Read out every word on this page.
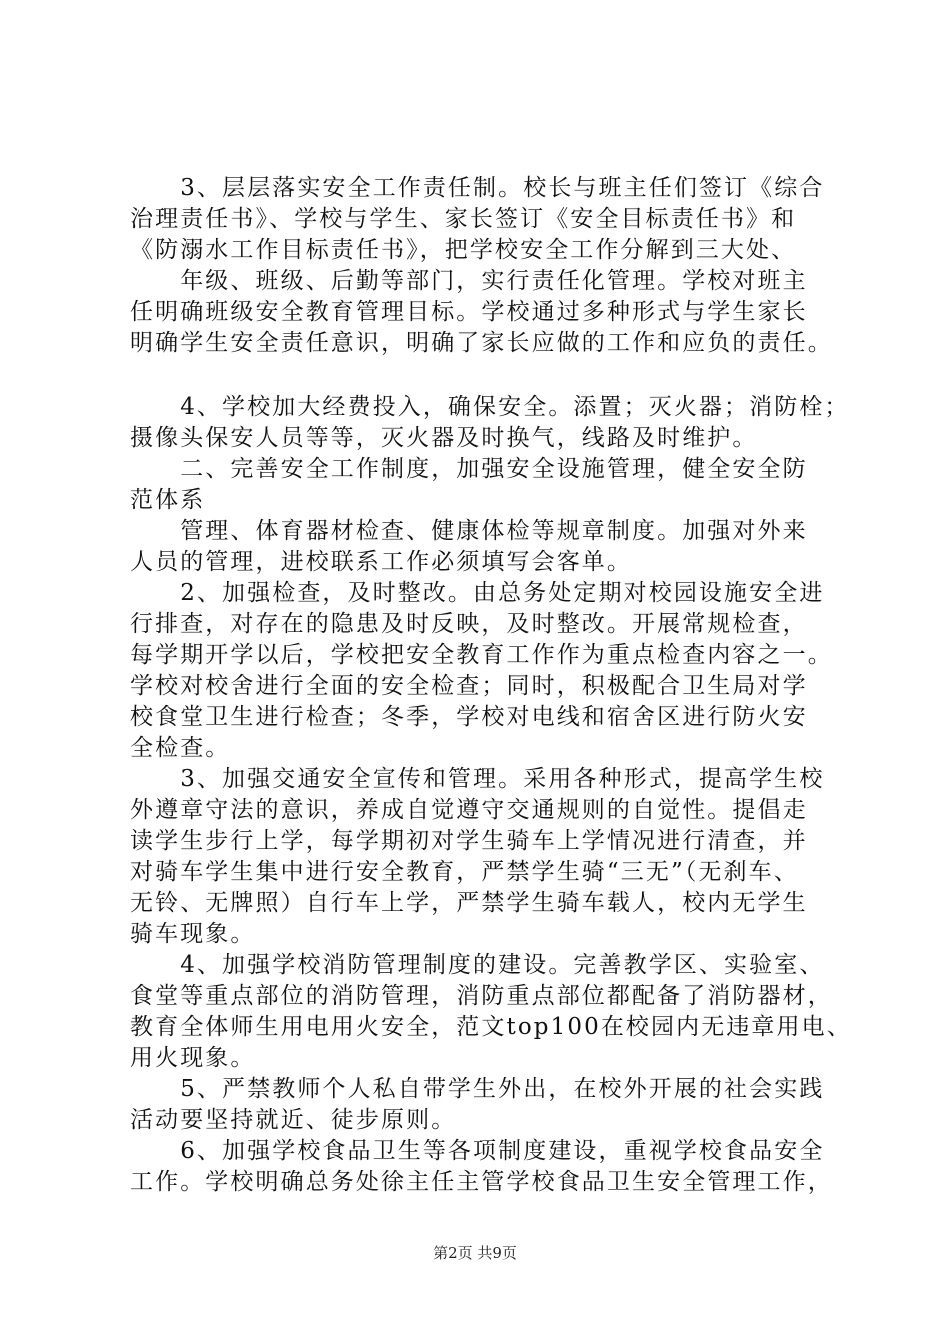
　　3、层层落实安全工作责任制。校长与班主任们签订《综合
治理责任书》、学校与学生、家长签订《安全目标责任书》和
《防溺水工作目标责任书》，把学校安全工作分解到三大处、
　　年级、班级、后勤等部门，实行责任化管理。学校对班主
任明确班级安全教育管理目标。学校通过多种形式与学生家长
明确学生安全责任意识，明确了家长应做的工作和应负的责任。
　　4、学校加大经费投入，确保安全。添置；灭火器；消防栓；
摄像头保安人员等等，灭火器及时换气，线路及时维护。
　　二、完善安全工作制度，加强安全设施管理，健全安全防
范体系
　　管理、体育器材检查、健康体检等规章制度。加强对外来
人员的管理，进校联系工作必须填写会客单。
　　2、加强检查，及时整改。由总务处定期对校园设施安全进
行排查，对存在的隐患及时反映，及时整改。开展常规检查，
每学期开学以后，学校把安全教育工作作为重点检查内容之一。
学校对校舍进行全面的安全检查；同时，积极配合卫生局对学
校食堂卫生进行检查；冬季，学校对电线和宿舍区进行防火安
全检查。
　　3、加强交通安全宣传和管理。采用各种形式，提高学生校
外遵章守法的意识，养成自觉遵守交通规则的自觉性。提倡走
读学生步行上学，每学期初对学生骑车上学情况进行清查，并
对骑车学生集中进行安全教育，严禁学生骑“三无”（无刹车、
无铃、无牌照）自行车上学，严禁学生骑车载人，校内无学生
骑车现象。
　　4、加强学校消防管理制度的建设。完善教学区、实验室、
食堂等重点部位的消防管理，消防重点部位都配备了消防器材，
教育全体师生用电用火安全，范文top100在校园内无违章用电、
用火现象。
　　5、严禁教师个人私自带学生外出，在校外开展的社会实践
活动要坚持就近、徒步原则。
　　6、加强学校食品卫生等各项制度建设，重视学校食品安全
工作。学校明确总务处徐主任主管学校食品卫生安全管理工作，
第2页 共9页
